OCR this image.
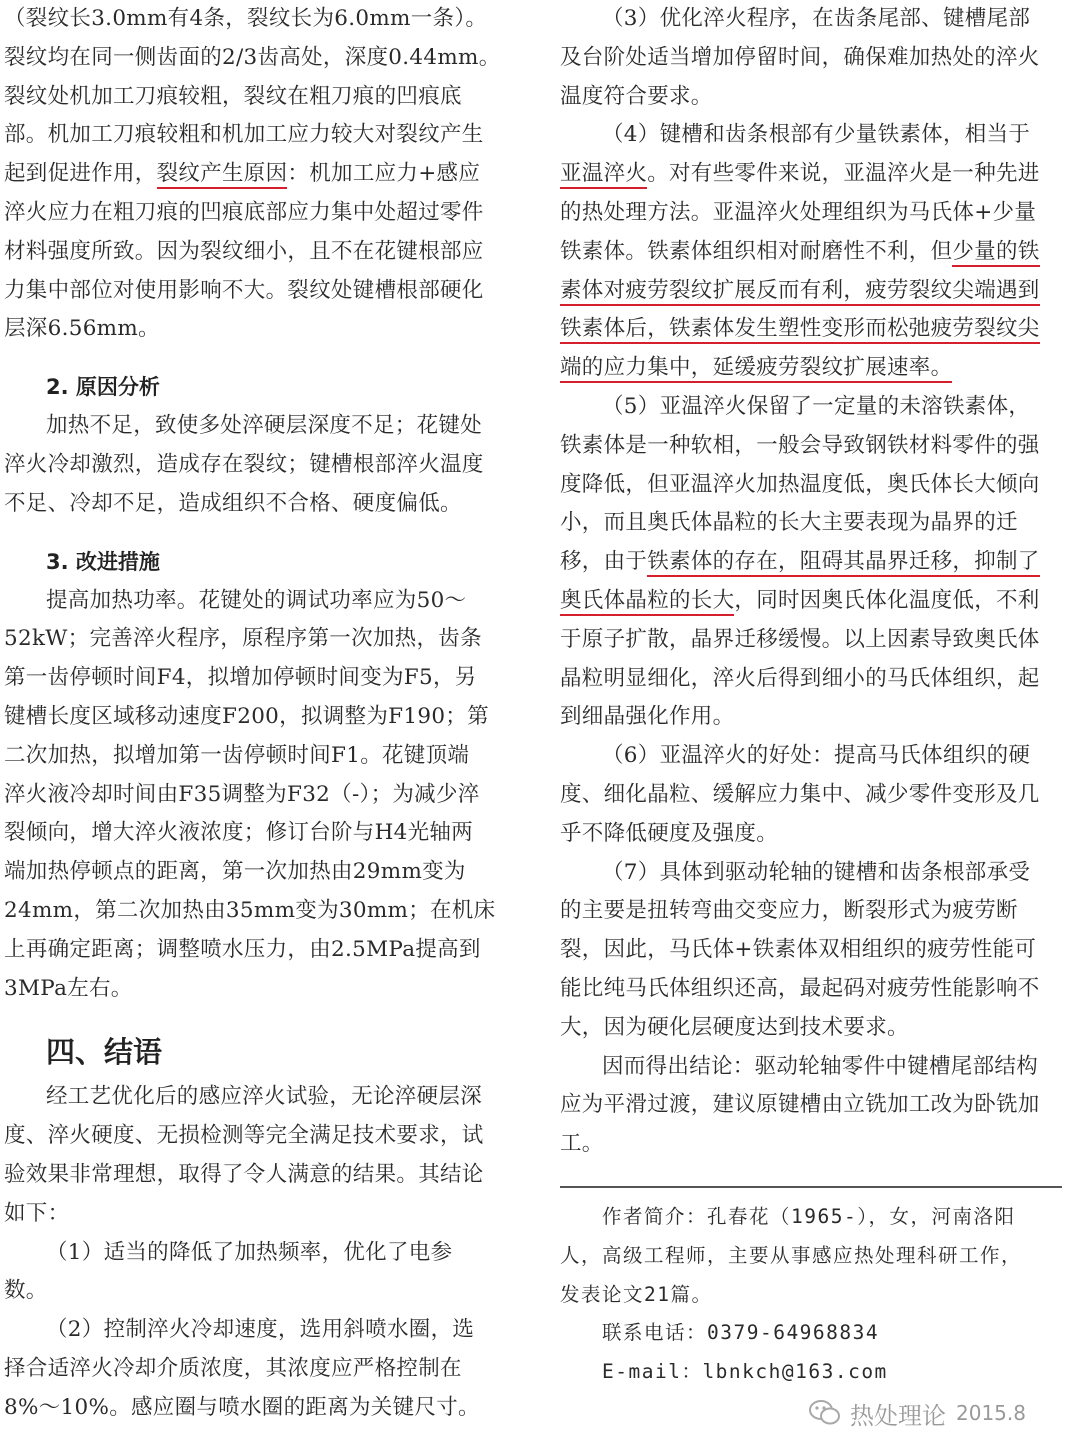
（裂纹长3.0mm有4条，裂纹长为6.0mm一条）。
裂纹均在同一侧齿面的2/3齿高处，深度0.44mm。
裂纹处机加工刀痕较粗，裂纹在粗刀痕的凹痕底
部。机加工刀痕较粗和机加工应力较大对裂纹产生
起到促进作用，裂纹产生原因：机加工应力+感应
淬火应力在粗刀痕的凹痕底部应力集中处超过零件
材料强度所致。因为裂纹细小，且不在花键根部应
力集中部位对使用影响不大。裂纹处键槽根部硬化
层深6.56mm。
2. 原因分析
加热不足，致使多处淬硬层深度不足；花键处
淬火冷却激烈，造成存在裂纹；键槽根部淬火温度
不足、冷却不足，造成组织不合格、硬度偏低。
3. 改进措施
提高加热功率。花键处的调试功率应为50～
52kW；完善淬火程序，原程序第一次加热，齿条
第一齿停顿时间F4，拟增加停顿时间变为F5，另
键槽长度区域移动速度F200，拟调整为F190；第
二次加热，拟增加第一齿停顿时间F1。花键顶端
淬火液冷却时间由F35调整为F32（-）；为减少淬
裂倾向，增大淬火液浓度；修订台阶与H4光轴两
端加热停顿点的距离，第一次加热由29mm变为
24mm，第二次加热由35mm变为30mm；在机床
上再确定距离；调整喷水压力，由2.5MPa提高到
3MPa左右。
四、结语
经工艺优化后的感应淬火试验，无论淬硬层深
度、淬火硬度、无损检测等完全满足技术要求，试
验效果非常理想，取得了令人满意的结果。其结论
如下：
（1）适当的降低了加热频率，优化了电参
数。
（2）控制淬火冷却速度，选用斜喷水圈，选
择合适淬火冷却介质浓度，其浓度应严格控制在
8%～10%。感应圈与喷水圈的距离为关键尺寸。
（3）优化淬火程序，在齿条尾部、键槽尾部
及台阶处适当增加停留时间，确保难加热处的淬火
温度符合要求。
（4）键槽和齿条根部有少量铁素体，相当于
亚温淬火。对有些零件来说，亚温淬火是一种先进
的热处理方法。亚温淬火处理组织为马氏体+少量
铁素体。铁素体组织相对耐磨性不利，但少量的铁
素体对疲劳裂纹扩展反而有利，疲劳裂纹尖端遇到
铁素体后，铁素体发生塑性变形而松弛疲劳裂纹尖
端的应力集中，延缓疲劳裂纹扩展速率。
（5）亚温淬火保留了一定量的未溶铁素体，
铁素体是一种软相，一般会导致钢铁材料零件的强
度降低，但亚温淬火加热温度低，奥氏体长大倾向
小，而且奥氏体晶粒的长大主要表现为晶界的迁
移，由于铁素体的存在，阻碍其晶界迁移，抑制了
奥氏体晶粒的长大，同时因奥氏体化温度低，不利
于原子扩散，晶界迁移缓慢。以上因素导致奥氏体
晶粒明显细化，淬火后得到细小的马氏体组织，起
到细晶强化作用。
（6）亚温淬火的好处：提高马氏体组织的硬
度、细化晶粒、缓解应力集中、减少零件变形及几
乎不降低硬度及强度。
（7）具体到驱动轮轴的键槽和齿条根部承受
的主要是扭转弯曲交变应力，断裂形式为疲劳断
裂，因此，马氏体+铁素体双相组织的疲劳性能可
能比纯马氏体组织还高，最起码对疲劳性能影响不
大，因为硬化层硬度达到技术要求。
因而得出结论：驱动轮轴零件中键槽尾部结构
应为平滑过渡，建议原键槽由立铣加工改为卧铣加
工。
作者简介：孔春花（1965-），女，河南洛阳
人，高级工程师，主要从事感应热处理科研工作，
发表论文21篇。
联系电话：0379-64968834
E-mail：lbnkch@163.com
热处理论 2015.8
